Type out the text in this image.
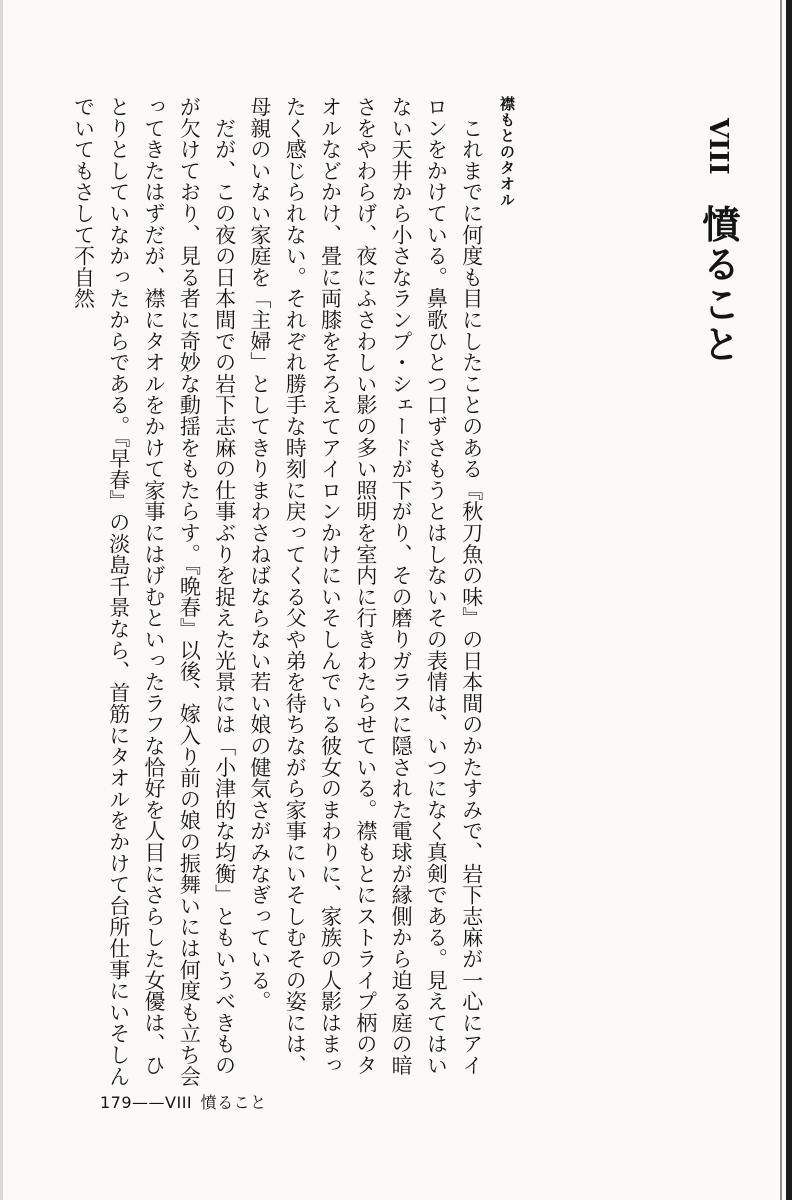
VIII憤ること
襟もとのタオル

　これまでに何度も目にしたことのある『秋刀魚の味』の日本間のかたすみで、岩下志麻が一心にアイロンをかけている。鼻歌ひとつ口ずさもうとはしないその表情は、いつになく真剣である。見えてはいない天井から小さなランプ・シェードが下がり、その磨りガラスに隠された電球が縁側から迫る庭の暗さをやわらげ、夜にふさわしい影の多い照明を室内に行きわたらせている。襟もとにストライプ柄のタオルなどかけ、畳に両膝をそろえてアイロンかけにいそしんでいる彼女のまわりに、家族の人影はまったく感じられない。それぞれ勝手な時刻に戻ってくる父や弟を待ちながら家事にいそしむその姿には、母親のいない家庭を「主婦」としてきりまわさねばならない若い娘の健気さがみなぎっている。

　だが、この夜の日本間での岩下志麻の仕事ぶりを捉えた光景には「小津的な均衡」ともいうべきものが欠けており、見る者に奇妙な動揺をもたらす。『晩春』以後、嫁入り前の娘の振舞いには何度も立ち会ってきたはずだが、襟にタオルをかけて家事にはげむといったラフな恰好を人目にさらした女優は、ひとりとしていなかったからである。『早春』の淡島千景なら、首筋にタオルをかけて台所仕事にいそしんでいてもさして不自然

179——VIII  憤ること
